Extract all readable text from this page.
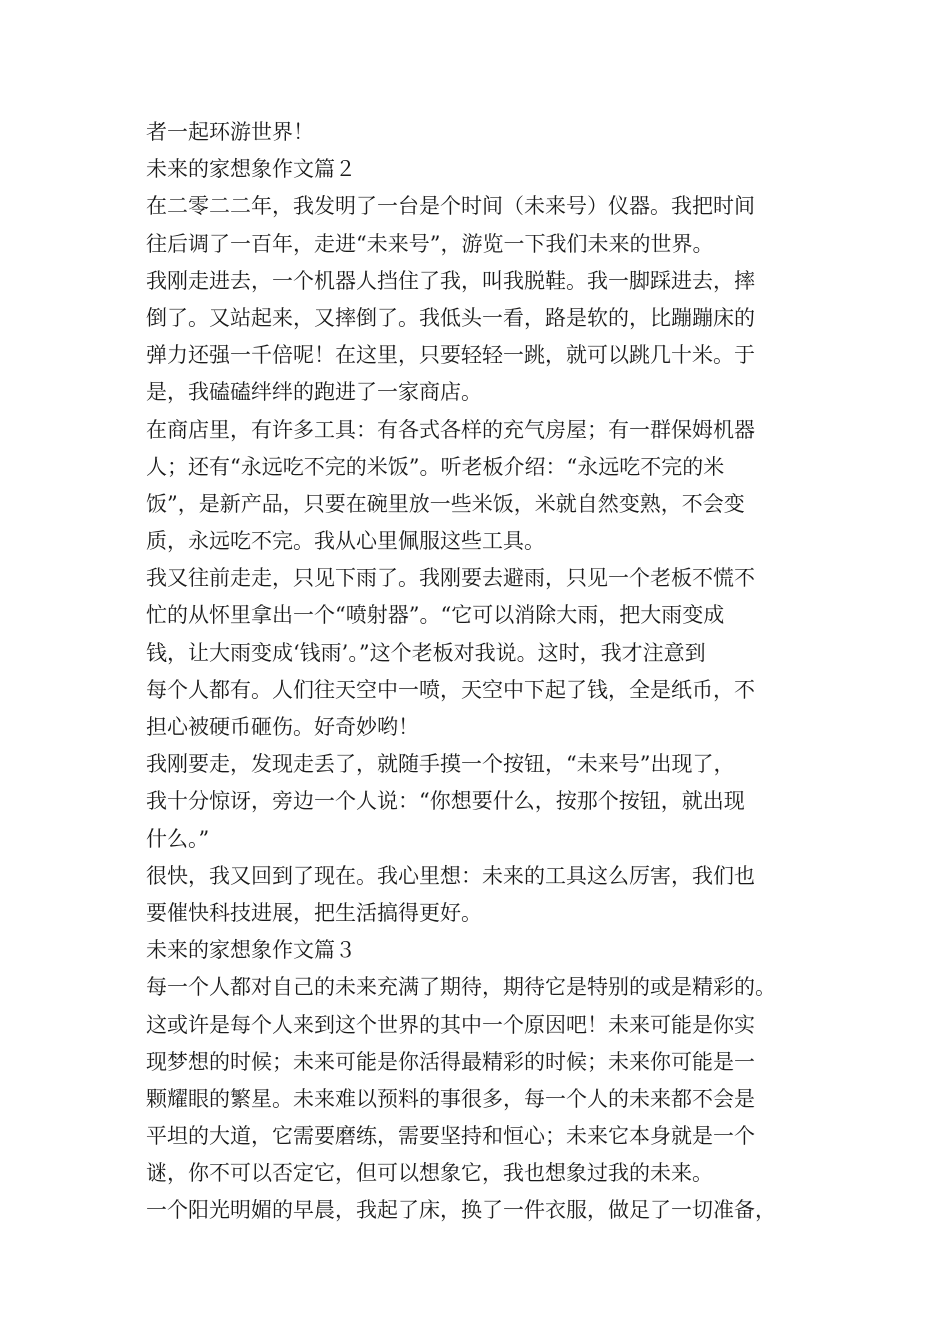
者一起环游世界！
未来的家想象作文篇２
在二零二二年，我发明了一台是个时间（未来号）仪器。我把时间
往后调了一百年，走进“未来号”，游览一下我们未来的世界。
我刚走进去，一个机器人挡住了我，叫我脱鞋。我一脚踩进去，摔
倒了。又站起来，又摔倒了。我低头一看，路是软的，比蹦蹦床的
弹力还强一千倍呢！在这里，只要轻轻一跳，就可以跳几十米。于
是，我磕磕绊绊的跑进了一家商店。
在商店里，有许多工具：有各式各样的充气房屋；有一群保姆机器
人；还有“永远吃不完的米饭”。听老板介绍：“永远吃不完的米
饭”，是新产品，只要在碗里放一些米饭，米就自然变熟，不会变
质，永远吃不完。我从心里佩服这些工具。
我又往前走走，只见下雨了。我刚要去避雨，只见一个老板不慌不
忙的从怀里拿出一个“喷射器”。“它可以消除大雨，把大雨变成
钱，让大雨变成‘钱雨’。”这个老板对我说。这时，我才注意到
每个人都有。人们往天空中一喷，天空中下起了钱，全是纸币，不
担心被硬币砸伤。好奇妙哟！
我刚要走，发现走丢了，就随手摸一个按钮，“未来号”出现了，
我十分惊讶，旁边一个人说：“你想要什么，按那个按钮，就出现
什么。”
很快，我又回到了现在。我心里想：未来的工具这么厉害，我们也
要催快科技进展，把生活搞得更好。
未来的家想象作文篇３
每一个人都对自己的未来充满了期待，期待它是特别的或是精彩的。
这或许是每个人来到这个世界的其中一个原因吧！未来可能是你实
现梦想的时候；未来可能是你活得最精彩的时候；未来你可能是一
颗耀眼的繁星。未来难以预料的事很多，每一个人的未来都不会是
平坦的大道，它需要磨练，需要坚持和恒心；未来它本身就是一个
谜，你不可以否定它，但可以想象它，我也想象过我的未来。
一个阳光明媚的早晨，我起了床，换了一件衣服，做足了一切准备，
